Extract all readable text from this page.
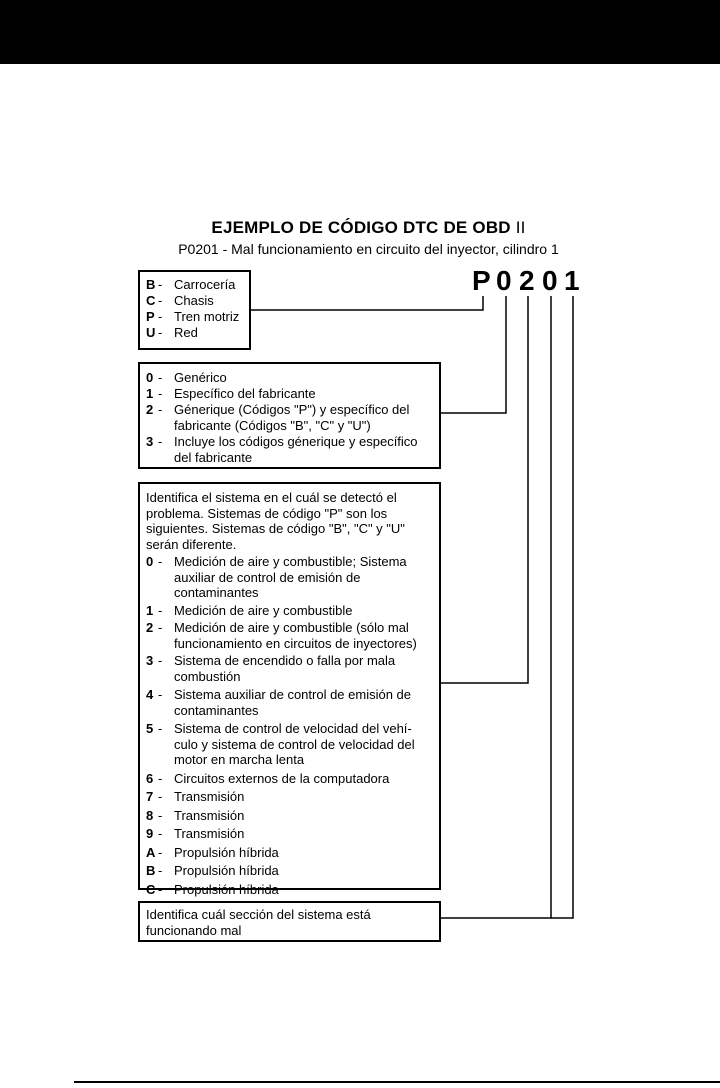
EJEMPLO DE CÓDIGO DTC DE OBD II
P0201 - Mal funcionamiento en circuito del inyector, cilindro 1
P 0 2 0 1
B - Carrocería
C - Chasis
P - Tren motriz
U - Red
0 - Genérico
1 - Específico del fabricante
2 - Génerique (Códigos "P") y específico del fabricante (Códigos "B", "C" y "U")
3 - Incluye los códigos génerique y específico del fabricante
Identifica el sistema en el cuál se detectó el problema. Sistemas de código "P" son los siguientes. Sistemas de código "B", "C" y "U" serán diferente.
0 - Medición de aire y combustible; Sistema auxiliar de control de emisión de contaminantes
1 - Medición de aire y combustible
2 - Medición de aire y combustible (sólo mal funcionamiento en circuitos de inyectores)
3 - Sistema de encendido o falla por mala combustión
4 - Sistema auxiliar de control de emisión de contaminantes
5 - Sistema de control de velocidad del vehí-culo y sistema de control de velocidad del motor en marcha lenta
6 - Circuitos externos de la computadora
7 - Transmisión
8 - Transmisión
9 - Transmisión
A - Propulsión híbrida
B - Propulsión híbrida
C - Propulsión híbrida
Identifica cuál sección del sistema está funcionando mal
